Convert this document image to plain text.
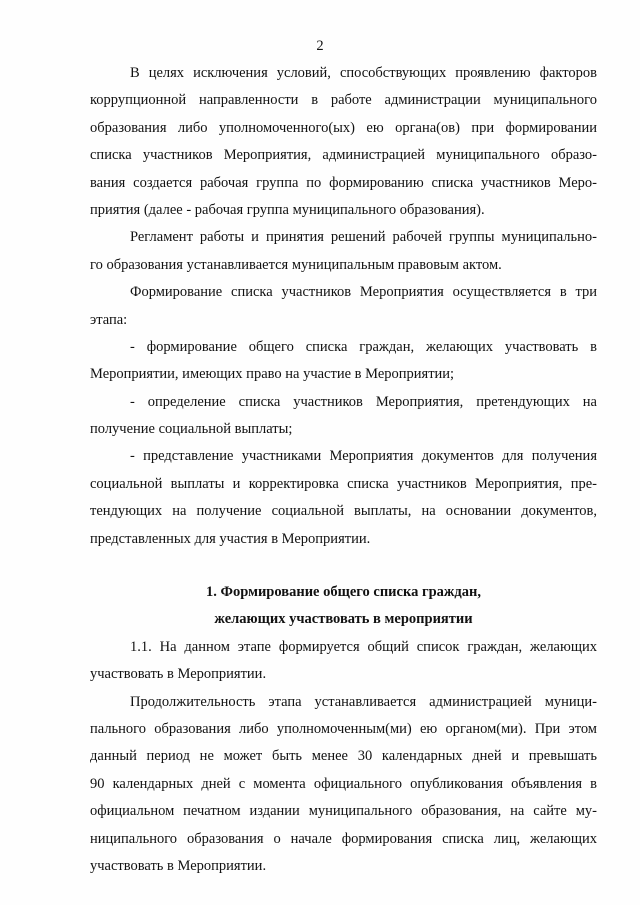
2
В целях исключения условий, способствующих проявлению факторов
коррупционной направленности в работе администрации муниципального
образования либо уполномоченного(ых) ею органа(ов) при формировании
списка участников Мероприятия, администрацией муниципального образо-
вания создается рабочая группа по формированию списка участников Меро-
приятия (далее - рабочая группа муниципального образования).
Регламент работы и принятия решений рабочей группы муниципально-
го образования устанавливается муниципальным правовым актом.
Формирование списка участников Мероприятия осуществляется в три
этапа:
- формирование общего списка граждан, желающих участвовать в
Мероприятии, имеющих право на участие в Мероприятии;
- определение списка участников Мероприятия, претендующих на
получение социальной выплаты;
- представление участниками Мероприятия документов для получения
социальной выплаты и корректировка списка участников Мероприятия, пре-
тендующих на получение социальной выплаты, на основании документов,
представленных для участия в Мероприятии.
1. Формирование общего списка граждан,
желающих участвовать в мероприятии
1.1. На данном этапе формируется общий список граждан, желающих
участвовать в Мероприятии.
Продолжительность этапа устанавливается администрацией муници-
пального образования либо уполномоченным(ми) ею органом(ми). При этом
данный период не может быть менее 30 календарных дней и превышать
90 календарных дней с момента официального опубликования объявления в
официальном печатном издании муниципального образования, на сайте му-
ниципального образования о начале формирования списка лиц, желающих
участвовать в Мероприятии.
